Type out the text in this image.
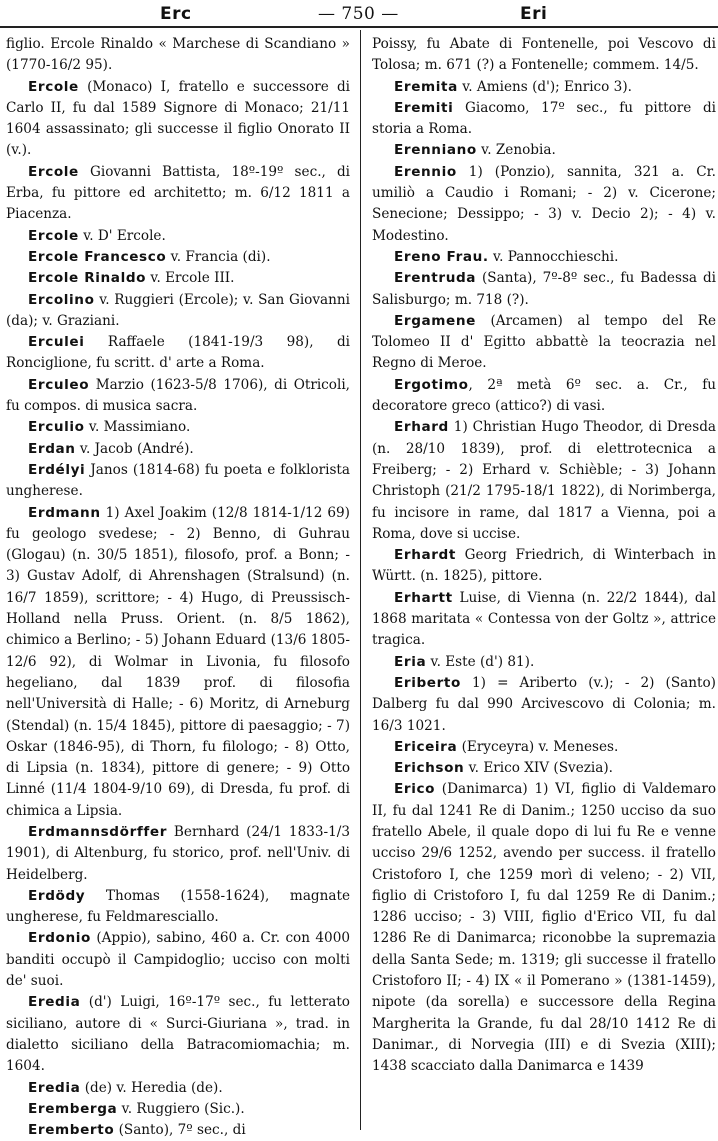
Erc	— 750 —	Eri

figlio. Ercole Rinaldo « Marchese di Scandiano » (1770-16/2 95).

Ercole (Monaco) I, fratello e successore di Carlo II, fu dal 1589 Signore di Monaco; 21/11 1604 assassinato; gli successe il figlio Onorato II (v.).

Ercole Giovanni Battista, 18º-19º sec., di Erba, fu pittore ed architetto; m. 6/12 1811 a Piacenza.

Ercole v. D' Ercole.

Ercole Francesco v. Francia (di).

Ercole Rinaldo v. Ercole III.

Ercolino v. Ruggieri (Ercole); v. San Giovanni (da); v. Graziani.

Erculei Raffaele (1841-19/3 98), di Ronciglione, fu scritt. d' arte a Roma.

Erculeo Marzio (1623-5/8 1706), di Otricoli, fu compos. di musica sacra.

Erculio v. Massimiano.

Erdan v. Jacob (André).

Erdélyi Janos (1814-68) fu poeta e folklorista ungherese.

Erdmann 1) Axel Joakim (12/8 1814-1/12 69) fu geologo svedese; - 2) Benno, di Guhrau (Glogau) (n. 30/5 1851), filosofo, prof. a Bonn; - 3) Gustav Adolf, di Ahrenshagen (Stralsund) (n. 16/7 1859), scrittore; - 4) Hugo, di Preussisch-Holland nella Pruss. Orient. (n. 8/5 1862), chimico a Berlino; - 5) Johann Eduard (13/6 1805-12/6 92), di Wolmar in Livonia, fu filosofo hegeliano, dal 1839 prof. di filosofia nell'Università di Halle; - 6) Moritz, di Arneburg (Stendal) (n. 15/4 1845), pittore di paesaggio; - 7) Oskar (1846-95), di Thorn, fu filologo; - 8) Otto, di Lipsia (n. 1834), pittore di genere; - 9) Otto Linné (11/4 1804-9/10 69), di Dresda, fu prof. di chimica a Lipsia.

Erdmannsdörffer Bernhard (24/1 1833-1/3 1901), di Altenburg, fu storico, prof. nell'Univ. di Heidelberg.

Erdödy Thomas (1558-1624), magnate ungherese, fu Feldmaresciallo.

Erdonio (Appio), sabino, 460 a. Cr. con 4000 banditi occupò il Campidoglio; ucciso con molti de' suoi.

Eredia (d') Luigi, 16º-17º sec., fu letterato siciliano, autore di « Surci-Giuriana », trad. in dialetto siciliano della Batracomiomachia; m. 1604.

Eredia (de) v. Heredia (de).

Eremberga v. Ruggiero (Sic.).

Eremberto (Santo), 7º sec., di

Poissy, fu Abate di Fontenelle, poi Vescovo di Tolosa; m. 671 (?) a Fontenelle; commem. 14/5.

Eremita v. Amiens (d'); Enrico 3).

Eremiti Giacomo, 17º sec., fu pittore di storia a Roma.

Erenniano v. Zenobia.

Erennio 1) (Ponzio), sannita, 321 a. Cr. umiliò a Caudio i Romani; - 2) v. Cicerone; Senecione; Dessippo; - 3) v. Decio 2); - 4) v. Modestino.

Ereno Frau. v. Pannocchieschi.

Erentruda (Santa), 7º-8º sec., fu Badessa di Salisburgo; m. 718 (?).

Ergamene (Arcamen) al tempo del Re Tolomeo II d' Egitto abbattè la teocrazia nel Regno di Meroe.

Ergotimo, 2ª metà 6º sec. a. Cr., fu decoratore greco (attico?) di vasi.

Erhard 1) Christian Hugo Theodor, di Dresda (n. 28/10 1839), prof. di elettrotecnica a Freiberg; - 2) Erhard v. Schièble; - 3) Johann Christoph (21/2 1795-18/1 1822), di Norimberga, fu incisore in rame, dal 1817 a Vienna, poi a Roma, dove si uccise.

Erhardt Georg Friedrich, di Winterbach in Württ. (n. 1825), pittore.

Erhartt Luise, di Vienna (n. 22/2 1844), dal 1868 maritata « Contessa von der Goltz », attrice tragica.

Eria v. Este (d') 81).

Eriberto 1) = Ariberto (v.); - 2) (Santo) Dalberg fu dal 990 Arcivescovo di Colonia; m. 16/3 1021.

Ericeira (Eryceyra) v. Meneses.

Erichson v. Erico XIV (Svezia).

Erico (Danimarca) 1) VI, figlio di Valdemaro II, fu dal 1241 Re di Danim.; 1250 ucciso da suo fratello Abele, il quale dopo di lui fu Re e venne ucciso 29/6 1252, avendo per success. il fratello Cristoforo I, che 1259 morì di veleno; - 2) VII, figlio di Cristoforo I, fu dal 1259 Re di Danim.; 1286 ucciso; - 3) VIII, figlio d'Erico VII, fu dal 1286 Re di Danimarca; riconobbe la supremazia della Santa Sede; m. 1319; gli successe il fratello Cristoforo II; - 4) IX « il Pomerano » (1381-1459), nipote (da sorella) e successore della Regina Margherita la Grande, fu dal 28/10 1412 Re di Danimar., di Norvegia (III) e di Svezia (XIII); 1438 scacciato dalla Danimarca e 1439
